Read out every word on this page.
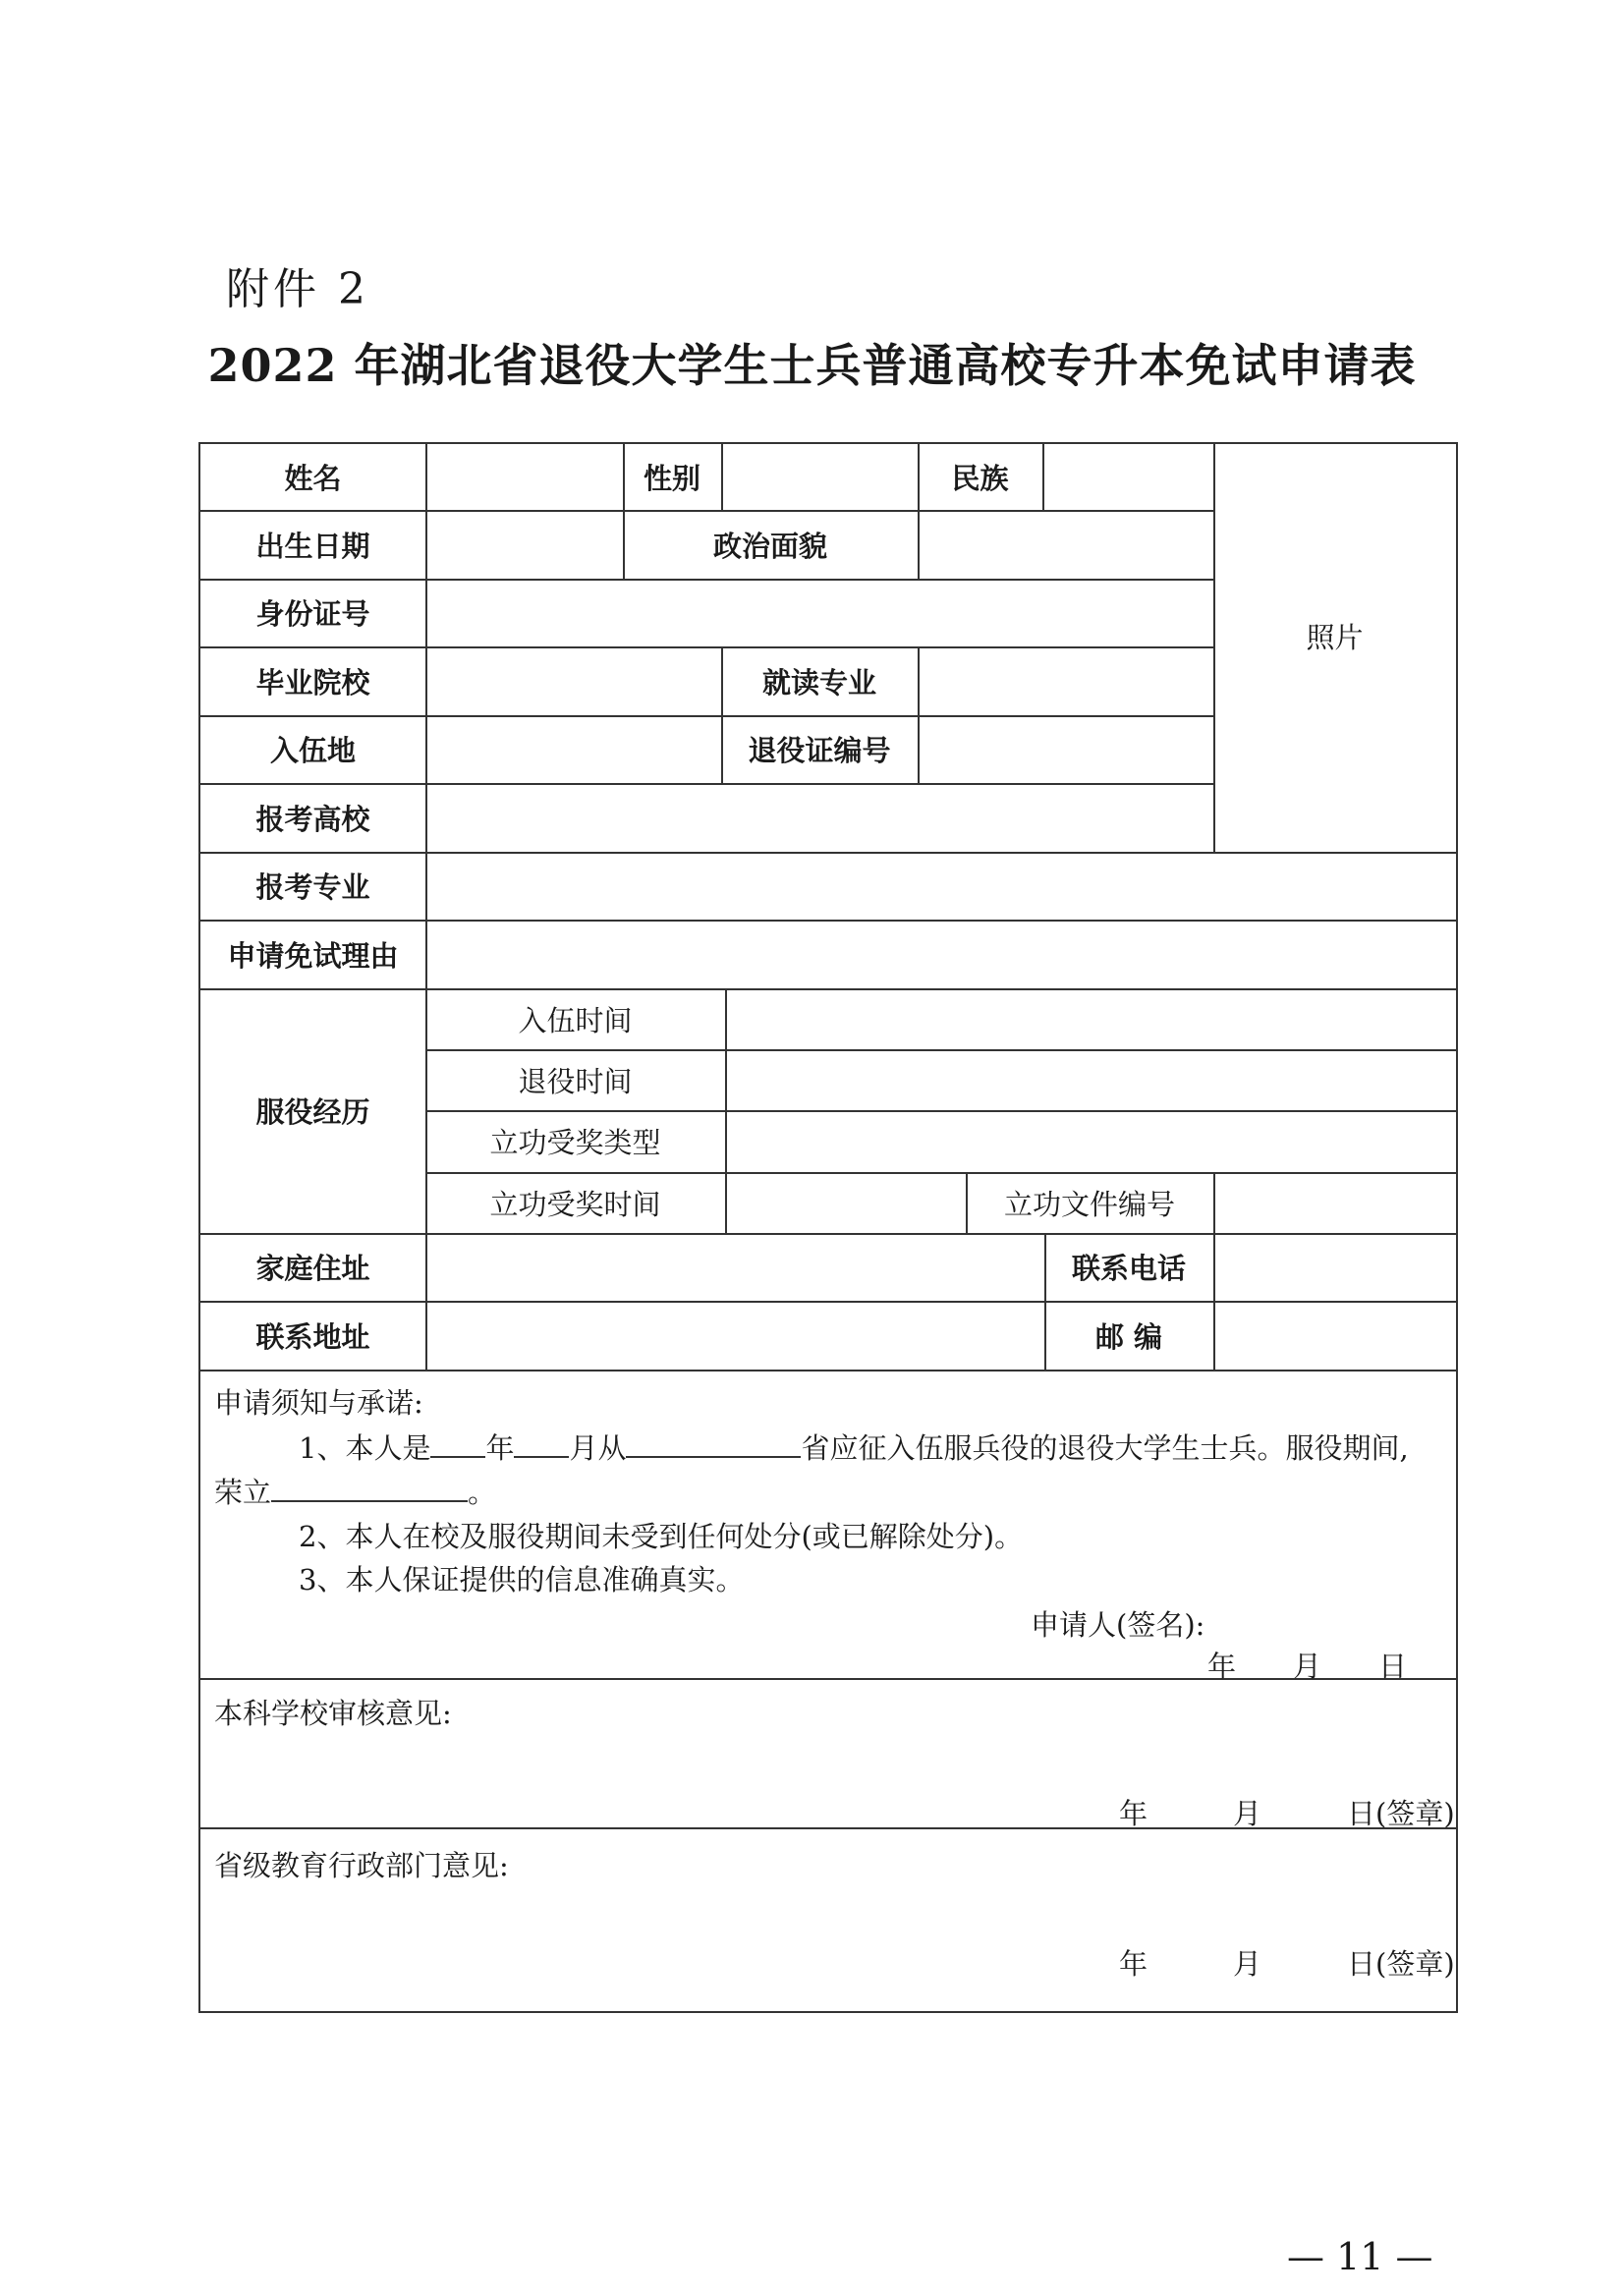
附件 2
2022 年湖北省退役大学生士兵普通高校专升本免试申请表
姓名	性别	民族
照片
出生日期	政治面貌
身份证号
毕业院校	就读专业
入伍地	退役证编号
报考高校
报考专业
申请免试理由
服役经历
入伍时间
退役时间
立功受奖类型
立功受奖时间	立功文件编号
家庭住址	联系电话
联系地址	邮 编
申请须知与承诺:
1、本人是 年 月从	省应征入伍服兵役的退役大学生士兵。服役期间,
荣立	。
2、本人在校及服役期间未受到任何处分(或已解除处分)。
3、本人保证提供的信息准确真实。
申请人(签名):
年　　月　　日
本科学校审核意见:
年　　　月　　　日(签章)
省级教育行政部门意见:
年　　　月　　　日(签章)
— 11 —
